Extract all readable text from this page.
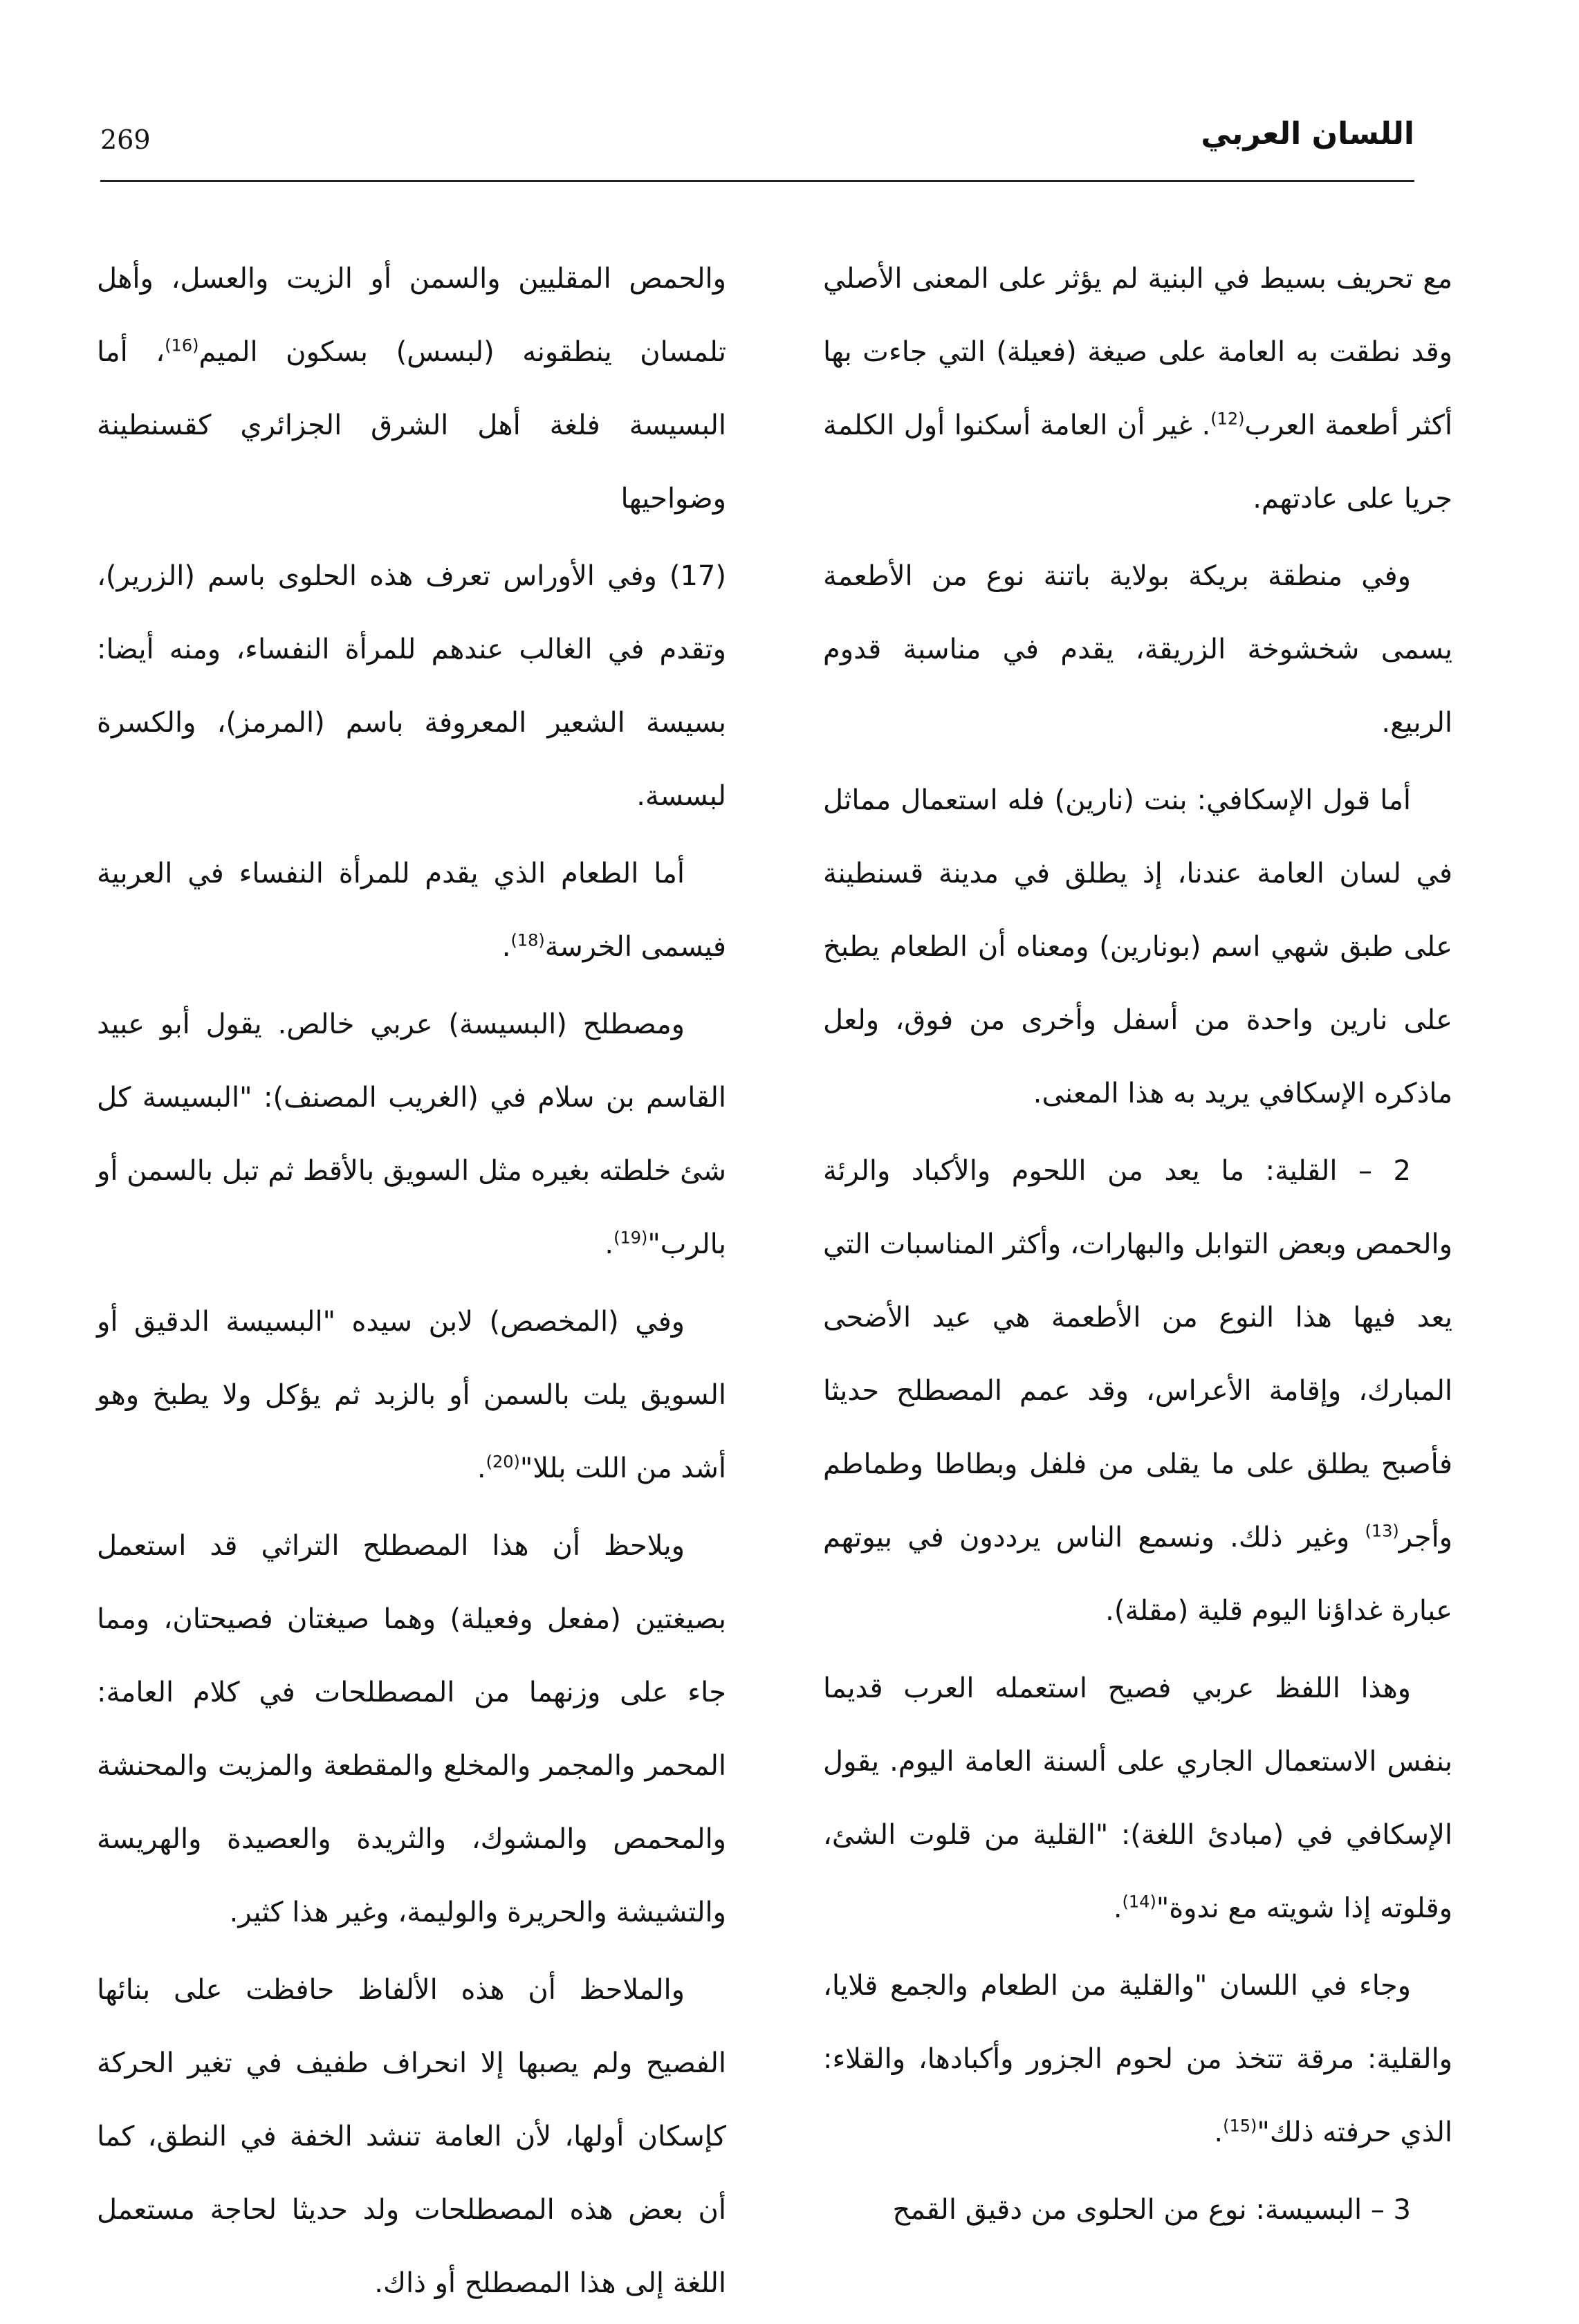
269	اللسان العربي

مع تحريف بسيط في البنية لم يؤثر على المعنى الأصلي وقد نطقت به العامة على صيغة (فعيلة) التي جاءت بها أكثر أطعمة العرب$^{(12)}$. غير أن العامة أسكنوا أول الكلمة جريا على عادتهم.

وفي منطقة بريكة بولاية باتنة نوع من الأطعمة يسمى شخشوخة الزريقة، يقدم في مناسبة قدوم الربيع.

أما قول الإسكافي: بنت (نارين) فله استعمال مماثل في لسان العامة عندنا، إذ يطلق في مدينة قسنطينة على طبق شهي اسم (بونارين) ومعناه أن الطعام يطبخ على نارين واحدة من أسفل وأخرى من فوق، ولعل ماذكره الإسكافي يريد به هذا المعنى.

2 – القلية: ما يعد من اللحوم والأكباد والرئة والحمص وبعض التوابل والبهارات، وأكثر المناسبات التي يعد فيها هذا النوع من الأطعمة هي عيد الأضحى المبارك، وإقامة الأعراس، وقد عمم المصطلح حديثا فأصبح يطلق على ما يقلى من فلفل وبطاطا وطماطم وأجر$^{(13)}$ وغير ذلك. ونسمع الناس يرددون في بيوتهم عبارة غداؤنا اليوم قلية (مقلة).

وهذا اللفظ عربي فصيح استعمله العرب قديما بنفس الاستعمال الجاري على ألسنة العامة اليوم. يقول الإسكافي في (مبادئ اللغة): "القلية من قلوت الشئ، وقلوته إذا شويته مع ندوة"$^{(14)}$.

وجاء في اللسان "والقلية من الطعام والجمع قلايا، والقلية: مرقة تتخذ من لحوم الجزور وأكبادها، والقلاء: الذي حرفته ذلك"$^{(15)}$.

3 – البسيسة: نوع من الحلوى من دقيق القمح

والحمص المقليين والسمن أو الزيت والعسل، وأهل تلمسان ينطقونه (لبسس) بسكون الميم$^{(16)}$، أما البسيسة فلغة أهل الشرق الجزائري كقسنطينة وضواحيها

(17) وفي الأوراس تعرف هذه الحلوى باسم (الزرير)، وتقدم في الغالب عندهم للمرأة النفساء، ومنه أيضا: بسيسة الشعير المعروفة باسم (المرمز)، والكسرة لبسسة.

أما الطعام الذي يقدم للمرأة النفساء في العربية فيسمى الخرسة$^{(18)}$.

ومصطلح (البسيسة) عربي خالص. يقول أبو عبيد القاسم بن سلام في (الغريب المصنف): "البسيسة كل شئ خلطته بغيره مثل السويق بالأقط ثم تبل بالسمن أو بالرب"$^{(19)}$.

وفي (المخصص) لابن سيده "البسيسة الدقيق أو السويق يلت بالسمن أو بالزبد ثم يؤكل ولا يطبخ وهو أشد من اللت بللا"$^{(20)}$.

ويلاحظ أن هذا المصطلح التراثي قد استعمل بصيغتين (مفعل وفعيلة) وهما صيغتان فصيحتان، ومما جاء على وزنهما من المصطلحات في كلام العامة: المحمر والمجمر والمخلع والمقطعة والمزيت والمحنشة والمحمص والمشوك، والثريدة والعصيدة والهريسة والتشيشة والحريرة والوليمة، وغير هذا كثير.

والملاحظ أن هذه الألفاظ حافظت على بنائها الفصيح ولم يصبها إلا انحراف طفيف في تغير الحركة كإسكان أولها، لأن العامة تنشد الخفة في النطق، كما أن بعض هذه المصطلحات ولد حديثا لحاجة مستعمل اللغة إلى هذا المصطلح أو ذاك.
